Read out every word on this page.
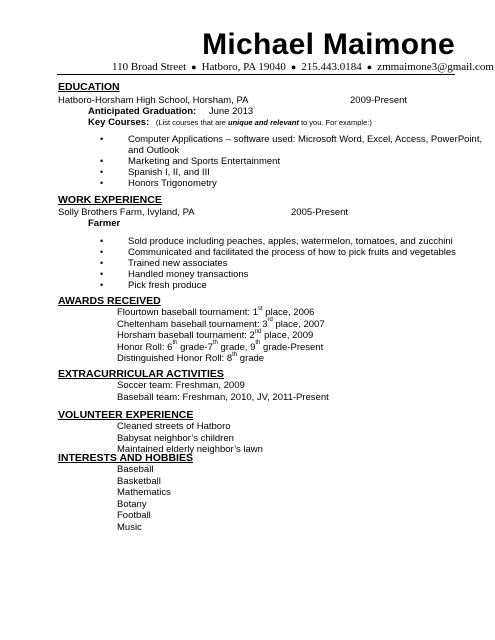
Michael Maimone
110 Broad Street ● Hatboro, PA 19040 ● 215.443.0184 ● zmmaimone3@gmail.com
EDUCATION
Hatboro-Horsham High School, Horsham, PA	2009-Present
Anticipated Graduation: June 2013
Key Courses: (List courses that are unique and relevant to you. For example:)
• Computer Applications – software used: Microsoft Word, Excel, Access, PowerPoint,
and Outlook
• Marketing and Sports Entertainment
• Spanish I, II, and III
• Honors Trigonometry
WORK EXPERIENCE
Solly Brothers Farm, Ivyland, PA	2005-Present
Farmer
• Sold produce including peaches, apples, watermelon, tomatoes, and zucchini
• Communicated and facilitated the process of how to pick fruits and vegetables
• Trained new associates
• Handled money transactions
• Pick fresh produce
AWARDS RECEIVED
Flourtown baseball tournament: 1st place, 2006
Cheltenham baseball tournament: 3rd place, 2007
Horsham baseball tournament: 2nd place, 2009
Honor Roll: 6th grade-7th grade, 9th grade-Present
Distinguished Honor Roll: 8th grade
EXTRACURRICULAR ACTIVITIES
Soccer team: Freshman, 2009
Baseball team: Freshman, 2010, JV, 2011-Present
VOLUNTEER EXPERIENCE
Cleaned streets of Hatboro
Babysat neighbor’s children
Maintained elderly neighbor’s lawn
INTERESTS AND HOBBIES
Baseball
Basketball
Mathematics
Botany
Football
Music
